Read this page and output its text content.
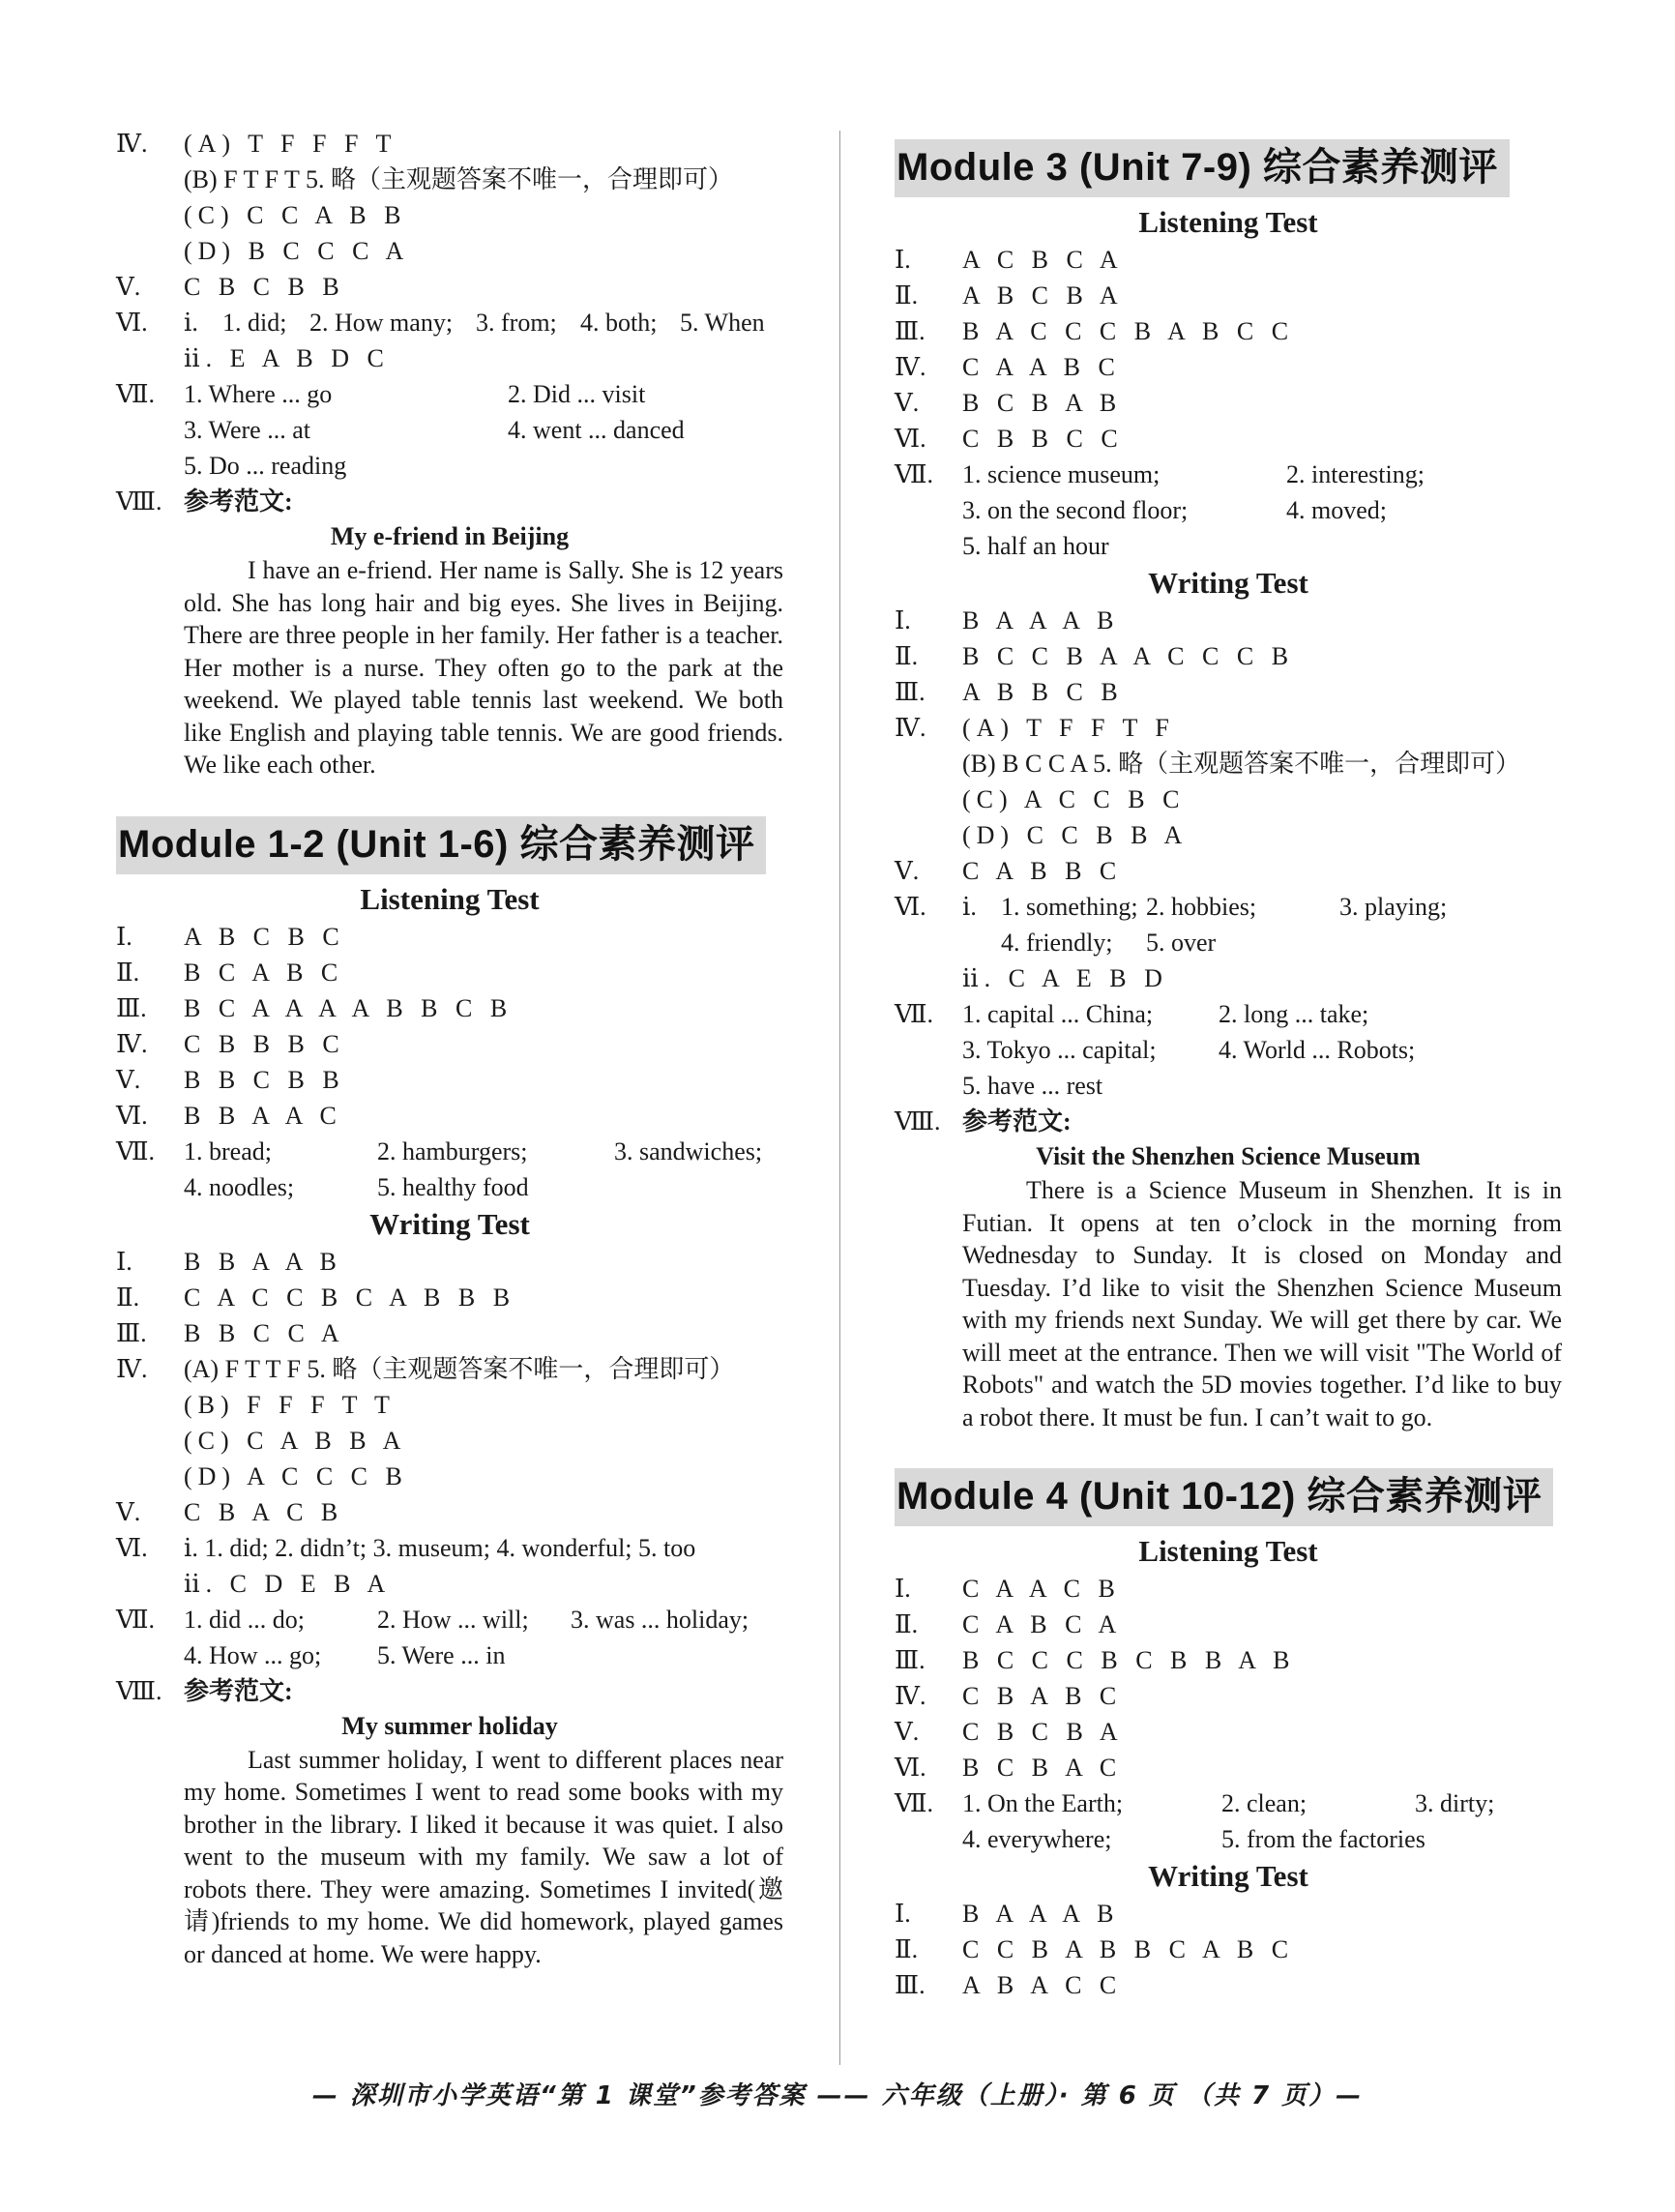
Ⅳ.	(A) T F F F T
(B) F T F T 5. 略（主观题答案不唯一，合理即可）
(C) C C A B B
(D) B C C C A
Ⅴ.	C B C B B
Ⅵ.	ⅰ. 1. did; 2. How many; 3. from; 4. both; 5. When
ⅱ. E A B D C
Ⅶ.	1. Where ... go	2. Did ... visit
3. Were ... at	4. went ... danced
5. Do ... reading
Ⅷ. 参考范文:
My e-friend in Beijing
I have an e-friend. Her name is Sally. She is 12 years old. She has long hair and big eyes. She lives in Beijing. There are three people in her family. Her father is a teacher. Her mother is a nurse. They often go to the park at the weekend. We played table tennis last weekend. We both like English and playing table tennis. We are good friends. We like each other.
Module 1-2 (Unit 1-6) 综合素养测评
Listening Test
Ⅰ.	A B C B C
Ⅱ.	B C A B C
Ⅲ.	B C A A A A B B C B
Ⅳ.	C B B B C
Ⅴ.	B B C B B
Ⅵ.	B B A A C
Ⅶ.	1. bread;	2. hamburgers;	3. sandwiches;
4. noodles;	5. healthy food
Writing Test
Ⅰ.	B B A A B
Ⅱ.	C A C C B C A B B B
Ⅲ.	B B C C A
Ⅳ.	(A) F T T F 5. 略（主观题答案不唯一，合理即可）
(B) F F F T T
(C) C A B B A
(D) A C C C B
Ⅴ.	C B A C B
Ⅵ.	ⅰ. 1. did; 2. didn’t; 3. museum; 4. wonderful; 5. too
ⅱ. C D E B A
Ⅶ.	1. did ... do;	2. How ... will;	3. was ... holiday;
4. How ... go;	5. Were ... in
Ⅷ. 参考范文:
My summer holiday
Last summer holiday, I went to different places near my home. Sometimes I went to read some books with my brother in the library. I liked it because it was quiet. I also went to the museum with my family. We saw a lot of robots there. They were amazing. Sometimes I invited(邀请)friends to my home. We did homework, played games or danced at home. We were happy.
Module 3 (Unit 7-9) 综合素养测评
Listening Test
Ⅰ.	A C B C A
Ⅱ.	A B C B A
Ⅲ.	B A C C C B A B C C
Ⅳ.	C A A B C
Ⅴ.	B C B A B
Ⅵ.	C B B C C
Ⅶ.	1. science museum;	2. interesting;
3. on the second floor;	4. moved;
5. half an hour
Writing Test
Ⅰ.	B A A A B
Ⅱ.	B C C B A A C C C B
Ⅲ.	A B B C B
Ⅳ.	(A) T F F T F
(B) B C C A 5. 略（主观题答案不唯一，合理即可）
(C) A C C B C
(D) C C B B A
Ⅴ.	C A B B C
Ⅵ.	ⅰ. 1. something; 2. hobbies;	3. playing;
4. friendly;	5. over
ⅱ. C A E B D
Ⅶ.	1. capital ... China;	2. long ... take;
3. Tokyo ... capital;	4. World ... Robots;
5. have ... rest
Ⅷ. 参考范文:
Visit the Shenzhen Science Museum
There is a Science Museum in Shenzhen. It is in Futian. It opens at ten o’clock in the morning from Wednesday to Sunday. It is closed on Monday and Tuesday. I’d like to visit the Shenzhen Science Museum with my friends next Sunday. We will get there by car. We will meet at the entrance. Then we will visit "The World of Robots" and watch the 5D movies together. I’d like to buy a robot there. It must be fun. I can’t wait to go.
Module 4 (Unit 10-12) 综合素养测评
Listening Test
Ⅰ.	C A A C B
Ⅱ.	C A B C A
Ⅲ.	B C C C B C B B A B
Ⅳ.	C B A B C
Ⅴ.	C B C B A
Ⅵ.	B C B A C
Ⅶ.	1. On the Earth;	2. clean;	3. dirty;
4. everywhere;	5. from the factories
Writing Test
Ⅰ.	B A A A B
Ⅱ.	C C B A B B C A B C
Ⅲ.	A B A C C
— 深圳市小学英语“第 1 课堂”参考答案 —— 六年级（上册）· 第 6 页 （共 7 页）—
